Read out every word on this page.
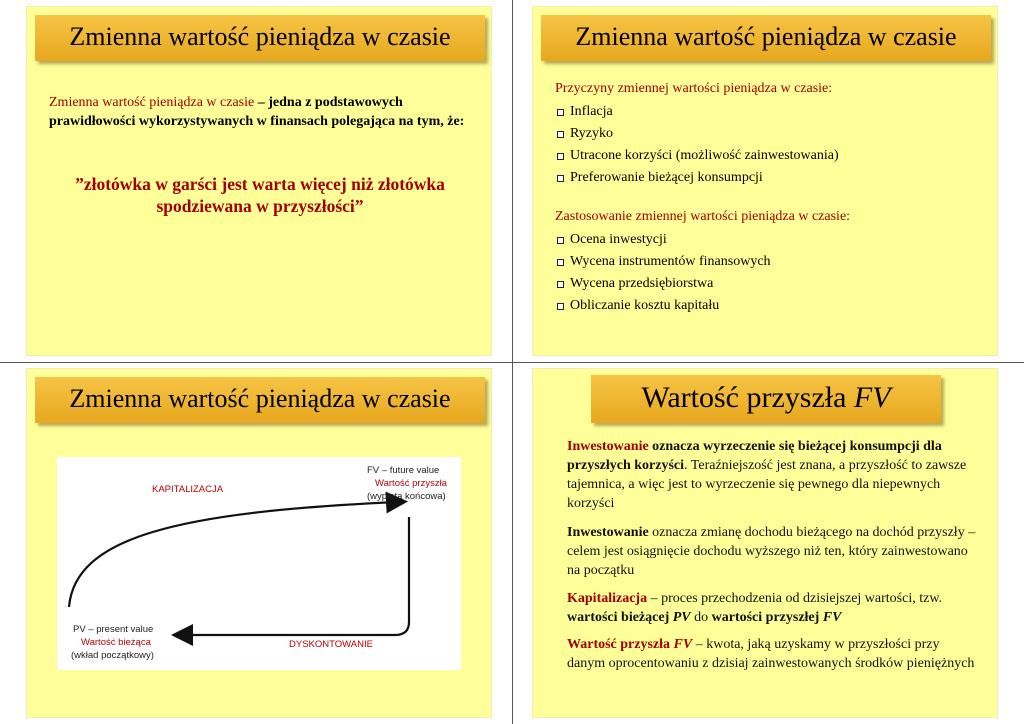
Zmienna wartość pieniądza w czasie
Zmienna wartość pieniądza w czasie – jedna z podstawowych prawidłowości wykorzystywanych w finansach polegająca na tym, że:
”złotówka w garści jest warta więcej niż złotówka spodziewana w przyszłości”
Zmienna wartość pieniądza w czasie
Przyczyny zmiennej wartości pieniądza w czasie:
Inflacja
Ryzyko
Utracone korzyści (możliwość zainwestowania)
Preferowanie bieżącej konsumpcji
Zastosowanie zmiennej wartości pieniądza w czasie:
Ocena inwestycji
Wycena instrumentów finansowych
Wycena przedsiębiorstwa
Obliczanie kosztu kapitału
Zmienna wartość pieniądza w czasie
KAPITALIZACJA
FV – future value
Wartość przyszła
(wypłata końcowa)
PV – present value
Wartość bieżąca
(wkład początkowy)
DYSKONTOWANIE
Wartość przyszła FV
Inwestowanie oznacza wyrzeczenie się bieżącej konsumpcji dla przyszłych korzyści. Teraźniejszość jest znana, a przyszłość to zawsze tajemnica, a więc jest to wyrzeczenie się pewnego dla niepewnych korzyści
Inwestowanie oznacza zmianę dochodu bieżącego na dochód przyszły – celem jest osiągnięcie dochodu wyższego niż ten, który zainwestowano na początku
Kapitalizacja – proces przechodzenia od dzisiejszej wartości, tzw. wartości bieżącej PV do wartości przyszłej FV
Wartość przyszła FV – kwota, jaką uzyskamy w przyszłości przy danym oprocentowaniu z dzisiaj zainwestowanych środków pieniężnych
